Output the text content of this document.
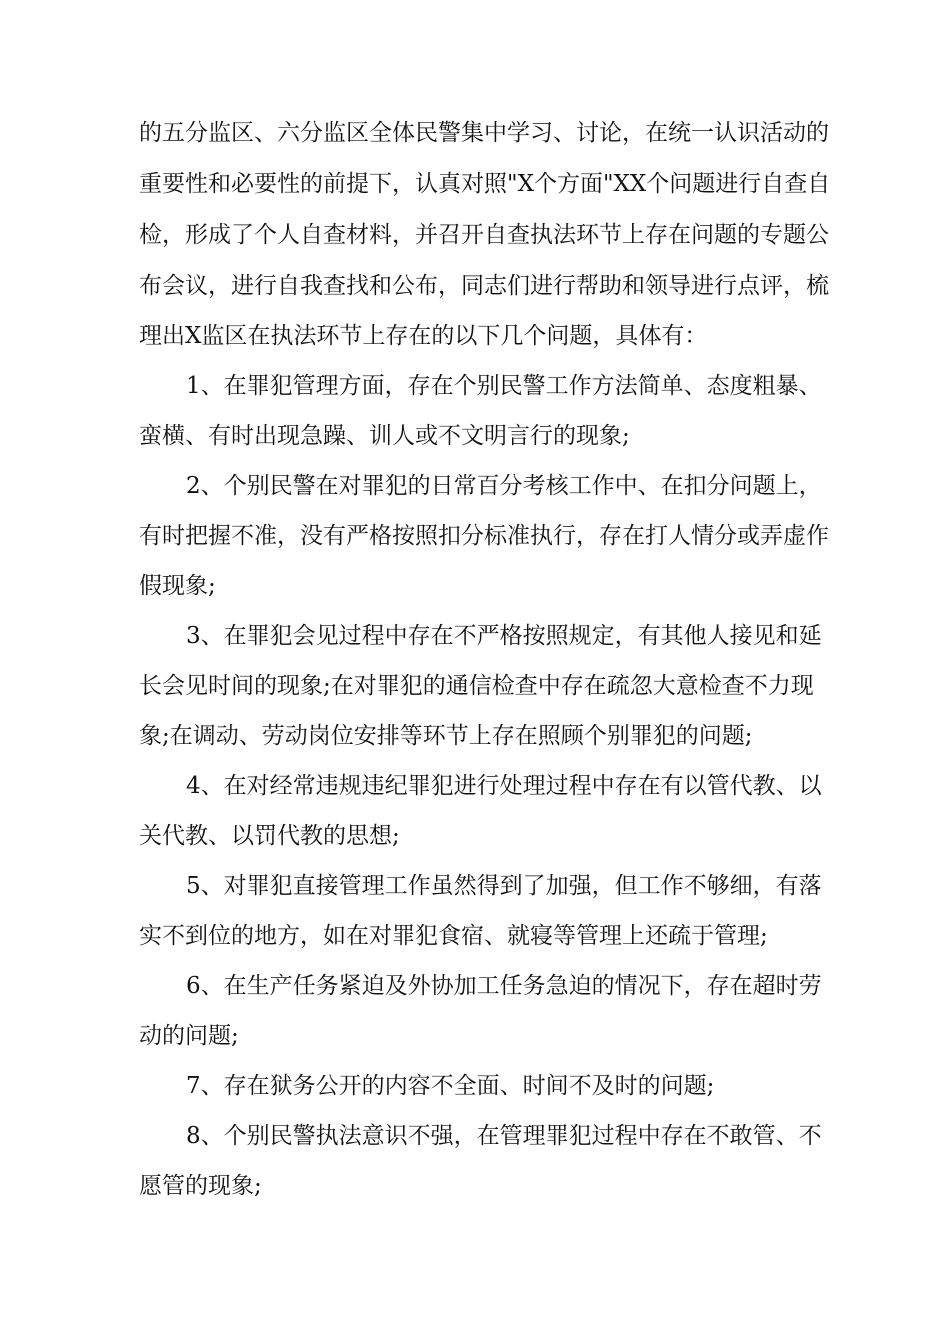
的五分监区、六分监区全体民警集中学习、讨论，在统一认识活动的
重要性和必要性的前提下，认真对照"X个方面"XX个问题进行自查自
检，形成了个人自查材料，并召开自查执法环节上存在问题的专题公
布会议，进行自我查找和公布，同志们进行帮助和领导进行点评，梳
理出X监区在执法环节上存在的以下几个问题，具体有：
1、在罪犯管理方面，存在个别民警工作方法简单、态度粗暴、
蛮横、有时出现急躁、训人或不文明言行的现象;
2、个别民警在对罪犯的日常百分考核工作中、在扣分问题上，
有时把握不准，没有严格按照扣分标准执行，存在打人情分或弄虚作
假现象;
3、在罪犯会见过程中存在不严格按照规定，有其他人接见和延
长会见时间的现象;在对罪犯的通信检查中存在疏忽大意检查不力现
象;在调动、劳动岗位安排等环节上存在照顾个别罪犯的问题;
4、在对经常违规违纪罪犯进行处理过程中存在有以管代教、以
关代教、以罚代教的思想;
5、对罪犯直接管理工作虽然得到了加强，但工作不够细，有落
实不到位的地方，如在对罪犯食宿、就寝等管理上还疏于管理;
6、在生产任务紧迫及外协加工任务急迫的情况下，存在超时劳
动的问题;
7、存在狱务公开的内容不全面、时间不及时的问题;
8、个别民警执法意识不强，在管理罪犯过程中存在不敢管、不
愿管的现象;
